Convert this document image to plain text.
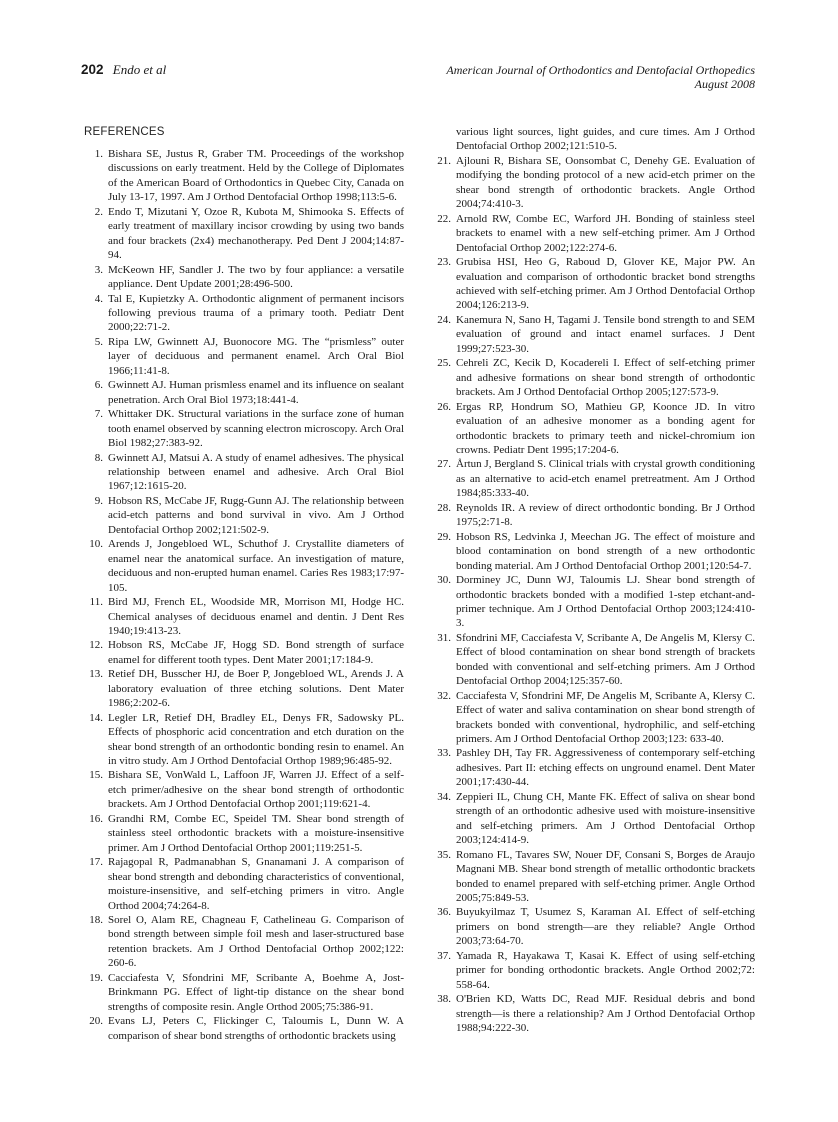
202 Endo et al	American Journal of Orthodontics and Dentofacial Orthopedics
August 2008
REFERENCES
1. Bishara SE, Justus R, Graber TM. Proceedings of the workshop discussions on early treatment. Held by the College of Diplomates of the American Board of Orthodontics in Quebec City, Canada on July 13-17, 1997. Am J Orthod Dentofacial Orthop 1998;113:5-6.
2. Endo T, Mizutani Y, Ozoe R, Kubota M, Shimooka S. Effects of early treatment of maxillary incisor crowding by using two bands and four brackets (2x4) mechanotherapy. Ped Dent J 2004;14:87-94.
3. McKeown HF, Sandler J. The two by four appliance: a versatile appliance. Dent Update 2001;28:496-500.
4. Tal E, Kupietzky A. Orthodontic alignment of permanent incisors following previous trauma of a primary tooth. Pediatr Dent 2000;22:71-2.
5. Ripa LW, Gwinnett AJ, Buonocore MG. The “prismless” outer layer of deciduous and permanent enamel. Arch Oral Biol 1966;11:41-8.
6. Gwinnett AJ. Human prismless enamel and its influence on sealant penetration. Arch Oral Biol 1973;18:441-4.
7. Whittaker DK. Structural variations in the surface zone of human tooth enamel observed by scanning electron microscopy. Arch Oral Biol 1982;27:383-92.
8. Gwinnett AJ, Matsui A. A study of enamel adhesives. The physical relationship between enamel and adhesive. Arch Oral Biol 1967;12:1615-20.
9. Hobson RS, McCabe JF, Rugg-Gunn AJ. The relationship between acid-etch patterns and bond survival in vivo. Am J Orthod Dentofacial Orthop 2002;121:502-9.
10. Arends J, Jongebloed WL, Schuthof J. Crystallite diameters of enamel near the anatomical surface. An investigation of mature, deciduous and non-erupted human enamel. Caries Res 1983;17:97-105.
11. Bird MJ, French EL, Woodside MR, Morrison MI, Hodge HC. Chemical analyses of deciduous enamel and dentin. J Dent Res 1940;19:413-23.
12. Hobson RS, McCabe JF, Hogg SD. Bond strength of surface enamel for different tooth types. Dent Mater 2001;17:184-9.
13. Retief DH, Busscher HJ, de Boer P, Jongebloed WL, Arends J. A laboratory evaluation of three etching solutions. Dent Mater 1986;2:202-6.
14. Legler LR, Retief DH, Bradley EL, Denys FR, Sadowsky PL. Effects of phosphoric acid concentration and etch duration on the shear bond strength of an orthodontic bonding resin to enamel. An in vitro study. Am J Orthod Dentofacial Orthop 1989;96:485-92.
15. Bishara SE, VonWald L, Laffoon JF, Warren JJ. Effect of a self-etch primer/adhesive on the shear bond strength of orthodontic brackets. Am J Orthod Dentofacial Orthop 2001;119:621-4.
16. Grandhi RM, Combe EC, Speidel TM. Shear bond strength of stainless steel orthodontic brackets with a moisture-insensitive primer. Am J Orthod Dentofacial Orthop 2001;119:251-5.
17. Rajagopal R, Padmanabhan S, Gnanamani J. A comparison of shear bond strength and debonding characteristics of conventional, moisture-insensitive, and self-etching primers in vitro. Angle Orthod 2004;74:264-8.
18. Sorel O, Alam RE, Chagneau F, Cathelineau G. Comparison of bond strength between simple foil mesh and laser-structured base retention brackets. Am J Orthod Dentofacial Orthop 2002;122: 260-6.
19. Cacciafesta V, Sfondrini MF, Scribante A, Boehme A, Jost-Brinkmann PG. Effect of light-tip distance on the shear bond strengths of composite resin. Angle Orthod 2005;75:386-91.
20. Evans LJ, Peters C, Flickinger C, Taloumis L, Dunn W. A comparison of shear bond strengths of orthodontic brackets using
various light sources, light guides, and cure times. Am J Orthod Dentofacial Orthop 2002;121:510-5.
21. Ajlouni R, Bishara SE, Oonsombat C, Denehy GE. Evaluation of modifying the bonding protocol of a new acid-etch primer on the shear bond strength of orthodontic brackets. Angle Orthod 2004;74:410-3.
22. Arnold RW, Combe EC, Warford JH. Bonding of stainless steel brackets to enamel with a new self-etching primer. Am J Orthod Dentofacial Orthop 2002;122:274-6.
23. Grubisa HSI, Heo G, Raboud D, Glover KE, Major PW. An evaluation and comparison of orthodontic bracket bond strengths achieved with self-etching primer. Am J Orthod Dentofacial Orthop 2004;126:213-9.
24. Kanemura N, Sano H, Tagami J. Tensile bond strength to and SEM evaluation of ground and intact enamel surfaces. J Dent 1999;27:523-30.
25. Cehreli ZC, Kecik D, Kocadereli I. Effect of self-etching primer and adhesive formations on shear bond strength of orthodontic brackets. Am J Orthod Dentofacial Orthop 2005;127:573-9.
26. Ergas RP, Hondrum SO, Mathieu GP, Koonce JD. In vitro evaluation of an adhesive monomer as a bonding agent for orthodontic brackets to primary teeth and nickel-chromium ion crowns. Pediatr Dent 1995;17:204-6.
27. Årtun J, Bergland S. Clinical trials with crystal growth conditioning as an alternative to acid-etch enamel pretreatment. Am J Orthod 1984;85:333-40.
28. Reynolds IR. A review of direct orthodontic bonding. Br J Orthod 1975;2:71-8.
29. Hobson RS, Ledvinka J, Meechan JG. The effect of moisture and blood contamination on bond strength of a new orthodontic bonding material. Am J Orthod Dentofacial Orthop 2001;120:54-7.
30. Dorminey JC, Dunn WJ, Taloumis LJ. Shear bond strength of orthodontic brackets bonded with a modified 1-step etchant-and-primer technique. Am J Orthod Dentofacial Orthop 2003;124:410-3.
31. Sfondrini MF, Cacciafesta V, Scribante A, De Angelis M, Klersy C. Effect of blood contamination on shear bond strength of brackets bonded with conventional and self-etching primers. Am J Orthod Dentofacial Orthop 2004;125:357-60.
32. Cacciafesta V, Sfondrini MF, De Angelis M, Scribante A, Klersy C. Effect of water and saliva contamination on shear bond strength of brackets bonded with conventional, hydrophilic, and self-etching primers. Am J Orthod Dentofacial Orthop 2003;123: 633-40.
33. Pashley DH, Tay FR. Aggressiveness of contemporary self-etching adhesives. Part II: etching effects on unground enamel. Dent Mater 2001;17:430-44.
34. Zeppieri IL, Chung CH, Mante FK. Effect of saliva on shear bond strength of an orthodontic adhesive used with moisture-insensitive and self-etching primers. Am J Orthod Dentofacial Orthop 2003;124:414-9.
35. Romano FL, Tavares SW, Nouer DF, Consani S, Borges de Araujo Magnani MB. Shear bond strength of metallic orthodontic brackets bonded to enamel prepared with self-etching primer. Angle Orthod 2005;75:849-53.
36. Buyukyilmaz T, Usumez S, Karaman AI. Effect of self-etching primers on bond strength—are they reliable? Angle Orthod 2003;73:64-70.
37. Yamada R, Hayakawa T, Kasai K. Effect of using self-etching primer for bonding orthodontic brackets. Angle Orthod 2002;72: 558-64.
38. O'Brien KD, Watts DC, Read MJF. Residual debris and bond strength—is there a relationship? Am J Orthod Dentofacial Orthop 1988;94:222-30.
